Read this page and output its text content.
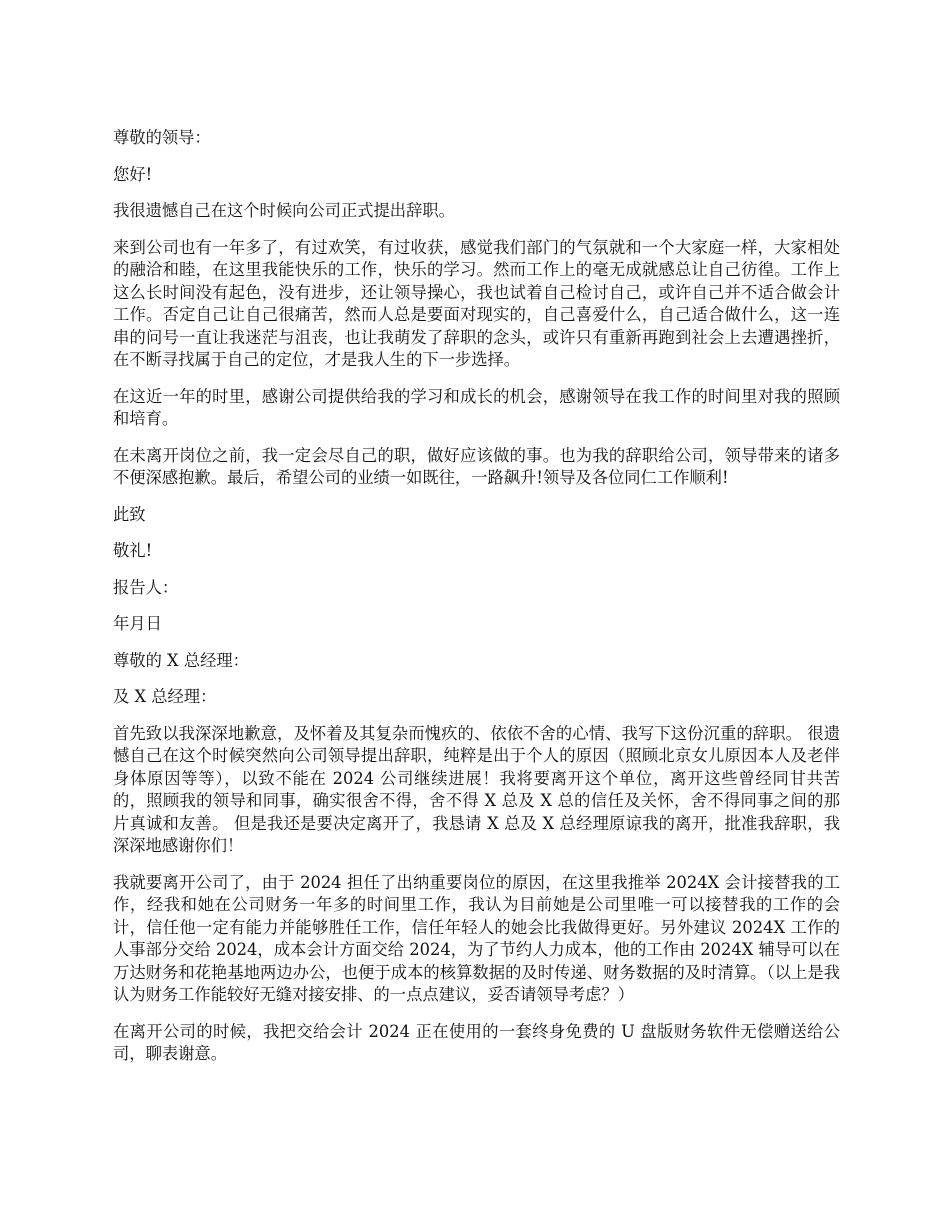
尊敬的领导：

您好!

我很遗憾自己在这个时候向公司正式提出辞职。

来到公司也有一年多了，有过欢笑，有过收获，感觉我们部门的气氛就和一个大家庭一样，大家相处的融洽和睦，在这里我能快乐的工作，快乐的学习。然而工作上的毫无成就感总让自己彷徨。工作上这么长时间没有起色，没有进步，还让领导操心，我也试着自己检讨自己，或许自己并不适合做会计工作。否定自己让自己很痛苦，然而人总是要面对现实的，自己喜爱什么，自己适合做什么，这一连串的问号一直让我迷茫与沮丧，也让我萌发了辞职的念头，或许只有重新再跑到社会上去遭遇挫折，在不断寻找属于自己的定位，才是我人生的下一步选择。

在这近一年的时里，感谢公司提供给我的学习和成长的机会，感谢领导在我工作的时间里对我的照顾和培育。

在未离开岗位之前，我一定会尽自己的职，做好应该做的事。也为我的辞职给公司，领导带来的诸多不便深感抱歉。最后，希望公司的业绩一如既往，一路飙升!领导及各位同仁工作顺利!

此致

敬礼!

报告人：

年月日

尊敬的 X 总经理：

及 X 总经理：

首先致以我深深地歉意，及怀着及其复杂而愧疚的、依依不舍的心情、我写下这份沉重的辞职。 很遗憾自己在这个时候突然向公司领导提出辞职，纯粹是出于个人的原因（照顾北京女儿原因本人及老伴身体原因等等），以致不能在 2024 公司继续进展！我将要离开这个单位，离开这些曾经同甘共苦的，照顾我的领导和同事，确实很舍不得，舍不得 X 总及 X 总的信任及关怀，舍不得同事之间的那片真诚和友善。 但是我还是要决定离开了，我恳请 X 总及 X 总经理原谅我的离开，批准我辞职，我深深地感谢你们！

我就要离开公司了，由于 2024 担任了出纳重要岗位的原因，在这里我推举 2024X 会计接替我的工作，经我和她在公司财务一年多的时间里工作，我认为目前她是公司里唯一可以接替我的工作的会计，信任他一定有能力并能够胜任工作，信任年轻人的她会比我做得更好。另外建议 2024X 工作的人事部分交给 2024，成本会计方面交给 2024，为了节约人力成本，他的工作由 2024X 辅导可以在万达财务和花艳基地两边办公，也便于成本的核算数据的及时传递、财务数据的及时清算。（以上是我认为财务工作能较好无缝对接安排、的一点点建议，妥否请领导考虑？）

在离开公司的时候，我把交给会计 2024 正在使用的一套终身免费的 U 盘版财务软件无偿赠送给公司，聊表谢意。
